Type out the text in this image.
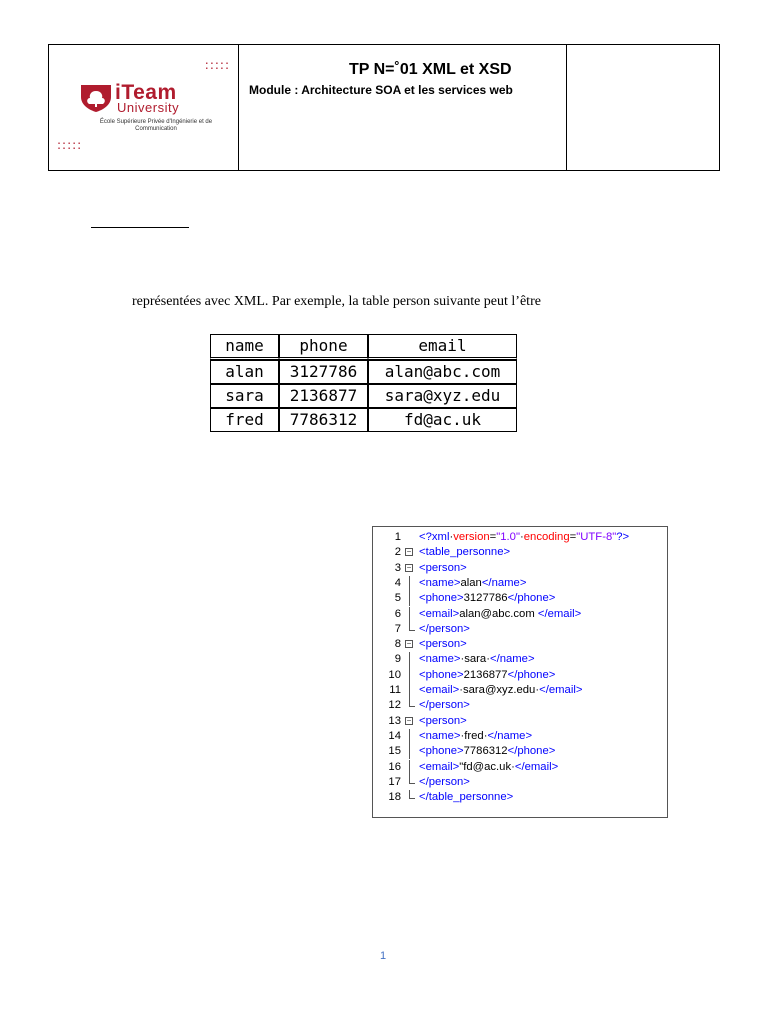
:::::
iTeam
University
École Supérieure Privée d'Ingénierie et de Communication
:::::
TP N=˚01 XML et XSD
Module : Architecture SOA et les services web
représentées avec XML. Par exemple, la table person suivante peut l’être
name	phone	email
alan	3127786	alan@abc.com
sara	2136877	sara@xyz.edu
fred	7786312	fd@ac.uk
1 <?xml·version="1.0"·encoding="UTF-8"?>
2 − <table_personne>
3 − <person>
4 <name>alan</name>
5 <phone>3127786</phone>
6 <email>alan@abc.com </email>
7 </person>
8 − <person>
9 <name>·sara·</name>
10 <phone>2136877</phone>
11 <email>·sara@xyz.edu·</email>
12 </person>
13 − <person>
14 <name>·fred·</name>
15 <phone>7786312</phone>
16 <email>"fd@ac.uk·</email>
17 </person>
18 </table_personne>
1
